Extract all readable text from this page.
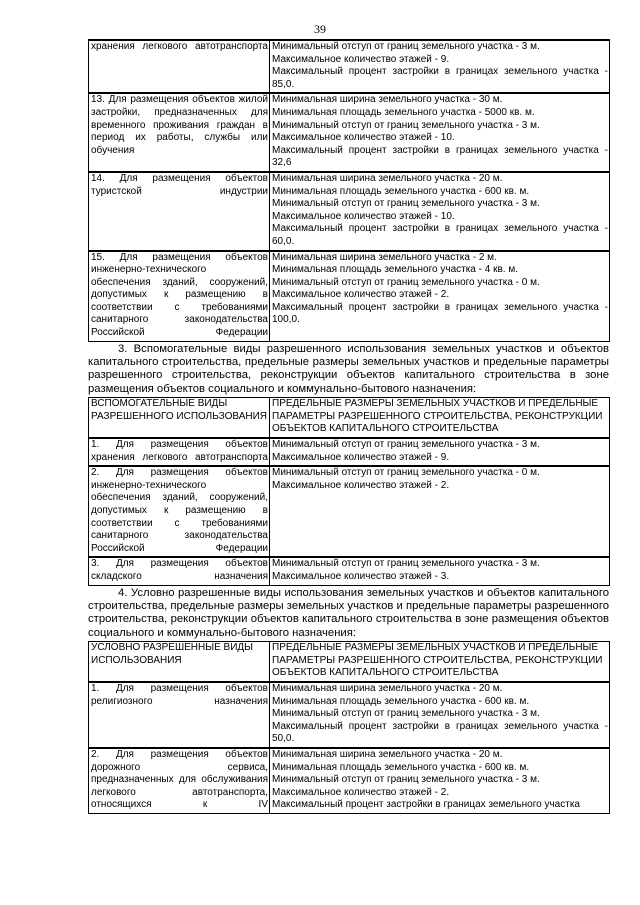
39
хранения легкового автотранспорта	Минимальный отступ от границ земельного участка - 3 м.

Максимальное количество этажей - 9.

Максимальный процент застройки в границах земельного участка - 85,0.

13. Для размещения объектов жилой застройки, предназначенных для временного проживания граждан в период их работы, службы или обучения	Минимальная ширина земельного участка - 30 м.

Минимальная площадь земельного участка - 5000 кв. м.

Минимальный отступ от границ земельного участка - 3 м.

Максимальное количество этажей - 10.

Максимальный процент застройки в границах земельного участка - 32,6

14. Для размещения объектов туристской индустрии	Минимальная ширина земельного участка - 20 м.

Минимальная площадь земельного участка - 600 кв. м.

Минимальный отступ от границ земельного участка - 3 м.

Максимальное количество этажей - 10.

Максимальный процент застройки в границах земельного участка - 60,0.

15. Для размещения объектов инженерно-технического обеспечения зданий, сооружений, допустимых к размещению в соответствии с требованиями санитарного законодательства Российской Федерации	Минимальная ширина земельного участка - 2 м.

Минимальная площадь земельного участка - 4 кв. м.

Минимальный отступ от границ земельного участка - 0 м.

Максимальное количество этажей - 2.

Максимальный процент застройки в границах земельного участка - 100,0.

3. Вспомогательные виды разрешенного использования земельных участков и объектов капитального строительства, предельные размеры земельных участков и предельные параметры разрешенного строительства, реконструкции объектов капитального строительства в зоне размещения объектов социального и коммунально-бытового назначения:

ВСПОМОГАТЕЛЬНЫЕ ВИДЫ РАЗРЕШЕННОГО ИСПОЛЬЗОВАНИЯ	ПРЕДЕЛЬНЫЕ РАЗМЕРЫ ЗЕМЕЛЬНЫХ УЧАСТКОВ И ПРЕДЕЛЬНЫЕ ПАРАМЕТРЫ РАЗРЕШЕННОГО СТРОИТЕЛЬСТВА, РЕКОНСТРУКЦИИ ОБЪЕКТОВ КАПИТАЛЬНОГО СТРОИТЕЛЬСТВА
1. Для размещения объектов хранения легкового автотранспорта	Минимальный отступ от границ земельного участка - 3 м.

Максимальное количество этажей - 9.

2. Для размещения объектов инженерно-технического обеспечения зданий, сооружений, допустимых к размещению в соответствии с требованиями санитарного законодательства Российской Федерации	Минимальный отступ от границ земельного участка - 0 м.

Максимальное количество этажей - 2.

3. Для размещения объектов складского назначения	Минимальный отступ от границ земельного участка - 3 м.

Максимальное количество этажей - 3.

4. Условно разрешенные виды использования земельных участков и объектов капитального строительства, предельные размеры земельных участков и предельные параметры разрешенного строительства, реконструкции объектов капитального строительства в зоне размещения объектов социального и коммунально-бытового назначения:

УСЛОВНО РАЗРЕШЕННЫЕ ВИДЫ ИСПОЛЬЗОВАНИЯ	ПРЕДЕЛЬНЫЕ РАЗМЕРЫ ЗЕМЕЛЬНЫХ УЧАСТКОВ И ПРЕДЕЛЬНЫЕ ПАРАМЕТРЫ РАЗРЕШЕННОГО СТРОИТЕЛЬСТВА, РЕКОНСТРУКЦИИ ОБЪЕКТОВ КАПИТАЛЬНОГО СТРОИТЕЛЬСТВА
1. Для размещения объектов религиозного назначения	Минимальная ширина земельного участка - 20 м.

Минимальная площадь земельного участка - 600 кв. м.

Минимальный отступ от границ земельного участка - 3 м.

Максимальный процент застройки в границах земельного участка - 50,0.

2. Для размещения объектов дорожного сервиса, предназначенных для обслуживания легкового автотранспорта, относящихся к IV	Минимальная ширина земельного участка - 20 м.

Минимальная площадь земельного участка - 600 кв. м.

Минимальный отступ от границ земельного участка - 3 м.

Максимальное количество этажей - 2.

Максимальный процент застройки в границах земельного участка
